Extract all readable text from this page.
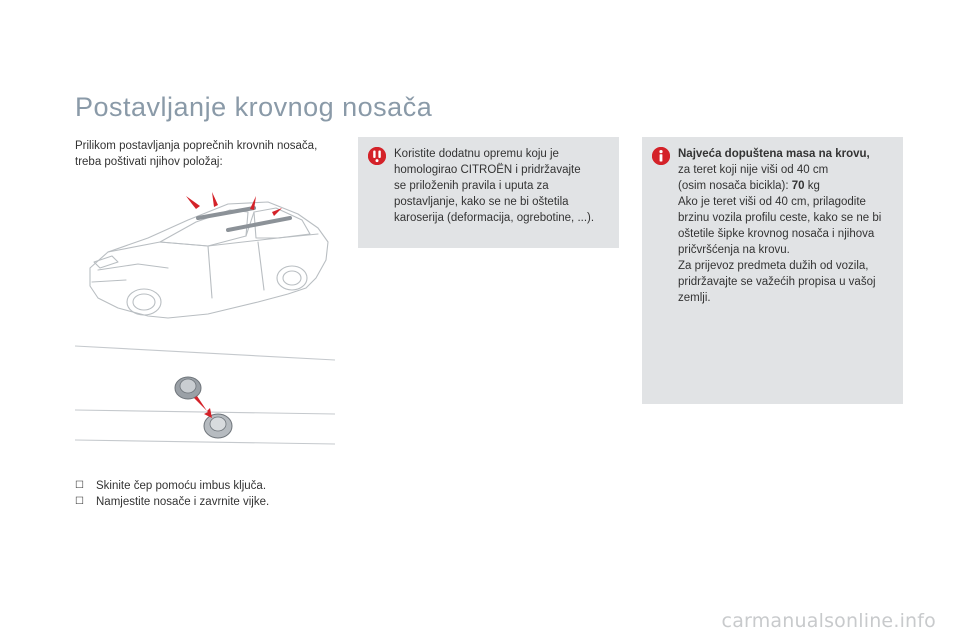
Postavljanje krovnog nosača
Prilikom postavljanja poprečnih krovnih nosača, treba poštivati njihov položaj:
☐ Skinite čep pomoću imbus ključa.
☐ Namjestite nosače i zavrnite vijke.
Koristite dodatnu opremu koju je
homologirao CITROËN i pridržavajte
se priloženih pravila i uputa za
postavljanje, kako se ne bi oštetila
karoserija (deformacija, ogrebotine, ...).
Najveća dopuštena masa na krovu,
za teret koji nije viši od 40 cm
(osim nosača bicikla): 70 kg
Ako je teret viši od 40 cm, prilagodite
brzinu vozila profilu ceste, kako se ne bi
oštetile šipke krovnog nosača i njihova
pričvršćenja na krovu.
Za prijevoz predmeta dužih od vozila,
pridržavajte se važećih propisa u vašoj
zemlji.
carmanualsonline.info
